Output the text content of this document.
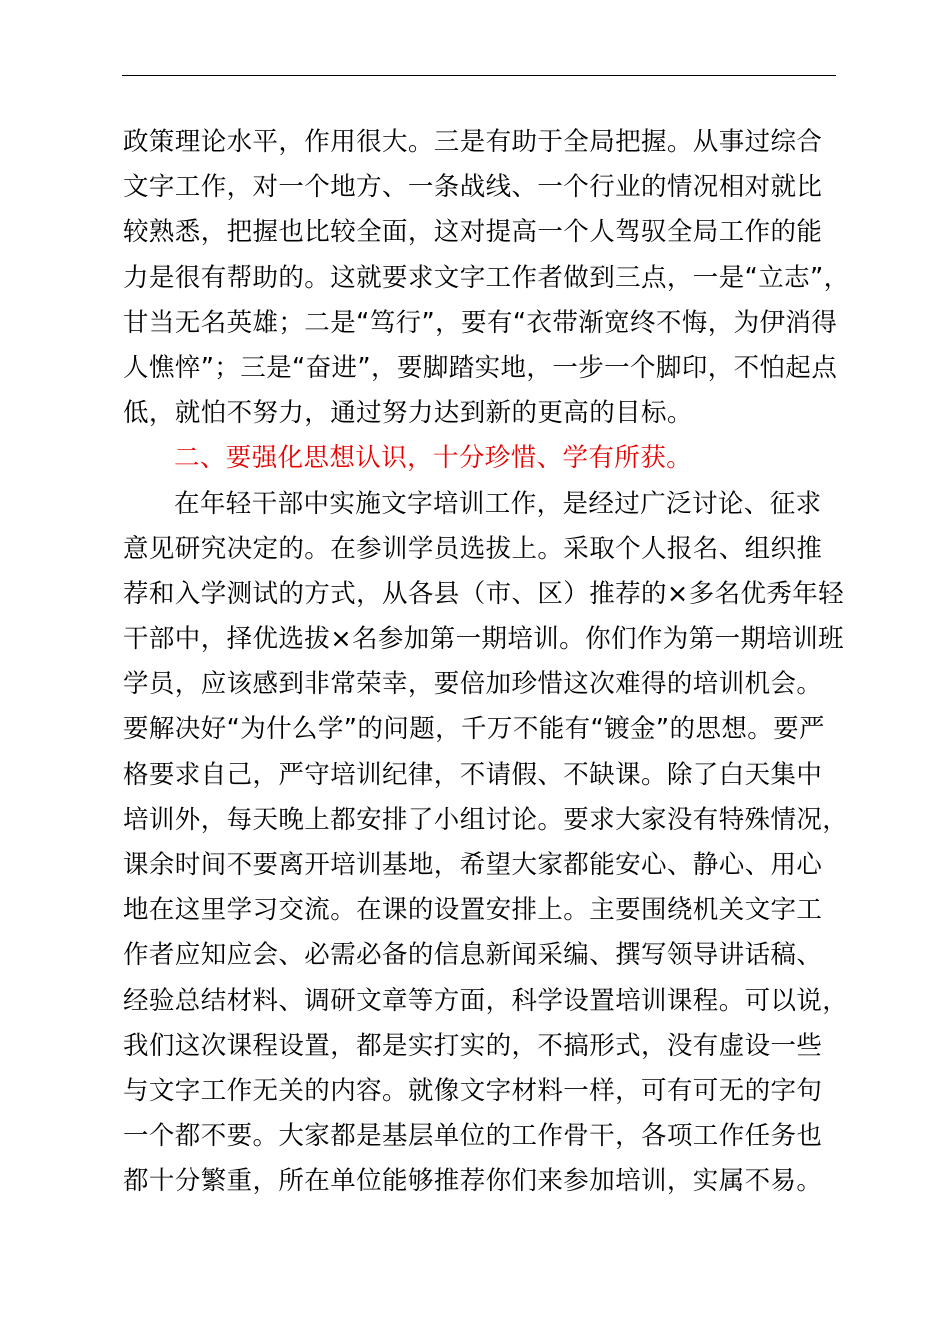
政策理论水平，作用很大。三是有助于全局把握。从事过综合
文字工作，对一个地方、一条战线、一个行业的情况相对就比
较熟悉，把握也比较全面，这对提高一个人驾驭全局工作的能
力是很有帮助的。这就要求文字工作者做到三点，一是“立志”，
甘当无名英雄；二是“笃行”，要有“衣带渐宽终不悔，为伊消得
人憔悴”；三是“奋进”，要脚踏实地，一步一个脚印，不怕起点
低，就怕不努力，通过努力达到新的更高的目标。
二、要强化思想认识，十分珍惜、学有所获。
在年轻干部中实施文字培训工作，是经过广泛讨论、征求
意见研究决定的。在参训学员选拔上。采取个人报名、组织推
荐和入学测试的方式，从各县（市、区）推荐的×多名优秀年轻
干部中，择优选拔×名参加第一期培训。你们作为第一期培训班
学员，应该感到非常荣幸，要倍加珍惜这次难得的培训机会。
要解决好“为什么学”的问题，千万不能有“镀金”的思想。要严
格要求自己，严守培训纪律，不请假、不缺课。除了白天集中
培训外，每天晚上都安排了小组讨论。要求大家没有特殊情况，
课余时间不要离开培训基地，希望大家都能安心、静心、用心
地在这里学习交流。在课的设置安排上。主要围绕机关文字工
作者应知应会、必需必备的信息新闻采编、撰写领导讲话稿、
经验总结材料、调研文章等方面，科学设置培训课程。可以说，
我们这次课程设置，都是实打实的，不搞形式，没有虚设一些
与文字工作无关的内容。就像文字材料一样，可有可无的字句
一个都不要。大家都是基层单位的工作骨干，各项工作任务也
都十分繁重，所在单位能够推荐你们来参加培训，实属不易。
